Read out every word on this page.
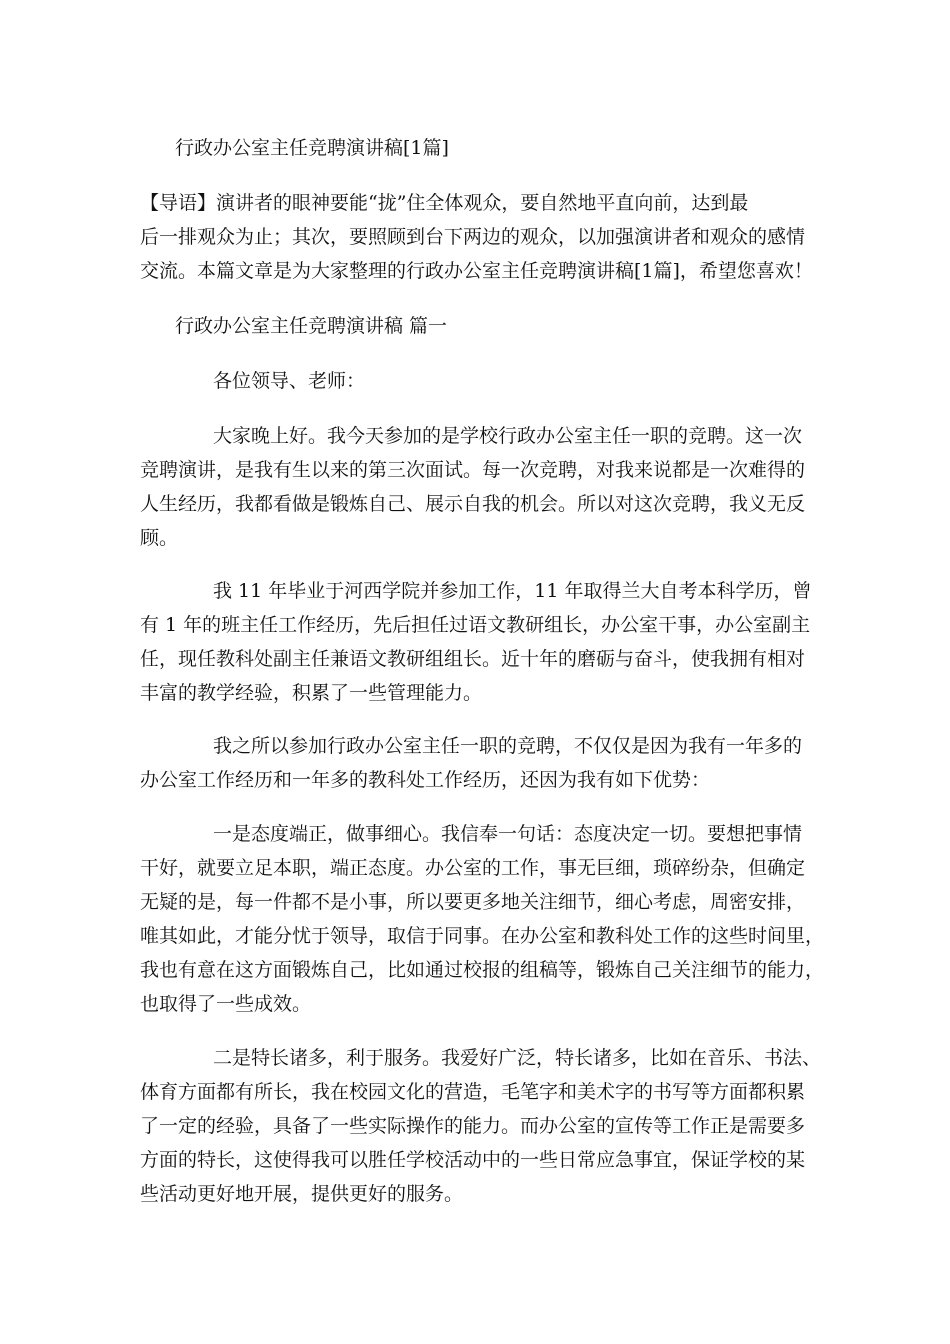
行政办公室主任竞聘演讲稿[1篇]
【导语】演讲者的眼神要能“拢”住全体观众，要自然地平直向前，达到最
后一排观众为止；其次，要照顾到台下两边的观众，以加强演讲者和观众的感情
交流。本篇文章是为大家整理的行政办公室主任竞聘演讲稿[1篇]，希望您喜欢！
行政办公室主任竞聘演讲稿 篇一
各位领导、老师：
大家晚上好。我今天参加的是学校行政办公室主任一职的竞聘。这一次
竞聘演讲，是我有生以来的第三次面试。每一次竞聘，对我来说都是一次难得的
人生经历，我都看做是锻炼自己、展示自我的机会。所以对这次竞聘，我义无反
顾。
我 11 年毕业于河西学院并参加工作，11 年取得兰大自考本科学历，曾
有 1 年的班主任工作经历，先后担任过语文教研组长，办公室干事，办公室副主
任，现任教科处副主任兼语文教研组组长。近十年的磨砺与奋斗，使我拥有相对
丰富的教学经验，积累了一些管理能力。
我之所以参加行政办公室主任一职的竞聘，不仅仅是因为我有一年多的
办公室工作经历和一年多的教科处工作经历，还因为我有如下优势：
一是态度端正，做事细心。我信奉一句话：态度决定一切。要想把事情
干好，就要立足本职，端正态度。办公室的工作，事无巨细，琐碎纷杂，但确定
无疑的是，每一件都不是小事，所以要更多地关注细节，细心考虑，周密安排，
唯其如此，才能分忧于领导，取信于同事。在办公室和教科处工作的这些时间里，
我也有意在这方面锻炼自己，比如通过校报的组稿等，锻炼自己关注细节的能力，
也取得了一些成效。
二是特长诸多，利于服务。我爱好广泛，特长诸多，比如在音乐、书法、
体育方面都有所长，我在校园文化的营造，毛笔字和美术字的书写等方面都积累
了一定的经验，具备了一些实际操作的能力。而办公室的宣传等工作正是需要多
方面的特长，这使得我可以胜任学校活动中的一些日常应急事宜，保证学校的某
些活动更好地开展，提供更好的服务。
